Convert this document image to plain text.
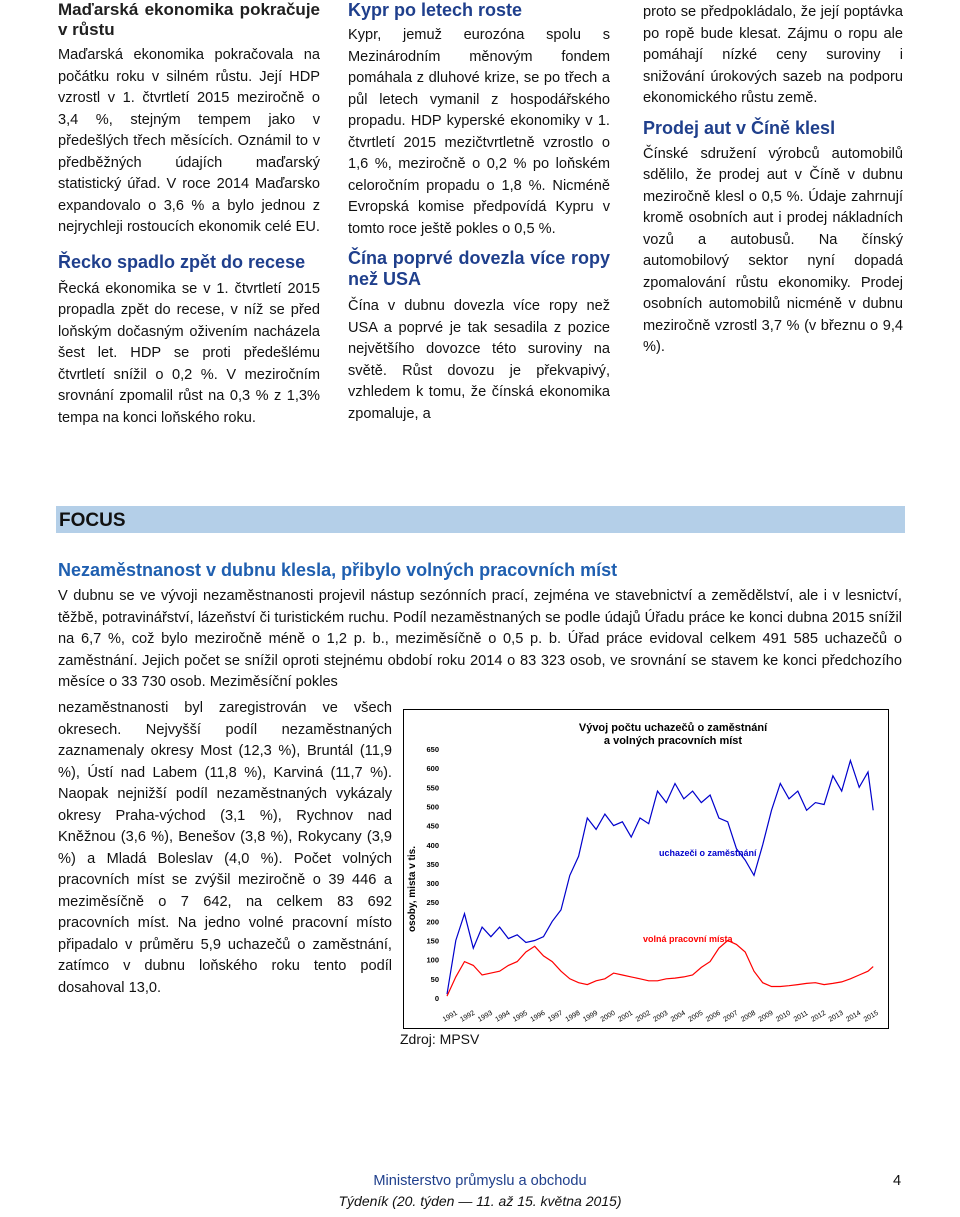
Maďarská ekonomika pokračuje v růstu

Maďarská ekonomika pokračovala na počátku roku v silném růstu. Její HDP vzrostl v 1. čtvrtletí 2015 meziročně o 3,4 %, stejným tempem jako v předešlých třech měsících. Oznámil to v předběžných údajích maďarský statistický úřad. V roce 2014 Maďarsko expandovalo o 3,6 % a bylo jednou z nejrychleji rostoucích ekonomik celé EU.

Řecko spadlo zpět do recese

Řecká ekonomika se v 1. čtvrtletí 2015 propadla zpět do recese, v níž se před loňským dočasným oživením nacházela šest let. HDP se proti předešlému čtvrtletí snížil o 0,2 %. V meziročním srovnání zpomalil růst na 0,3 % z 1,3% tempa na konci loňského roku.

Kypr po letech roste

Kypr, jemuž eurozóna spolu s Mezinárodním měnovým fondem pomáhala z dluhové krize, se po třech a půl letech vymanil z hospodářského propadu. HDP kyperské ekonomiky v 1. čtvrtletí 2015 mezičtvrtletně vzrostlo o 1,6 %, meziročně o 0,2 % po loňském celoročním propadu o 1,8 %. Nicméně Evropská komise předpovídá Kypru v tomto roce ještě pokles o 0,5 %.

Čína poprvé dovezla více ropy než USA

Čína v dubnu dovezla více ropy než USA a poprvé je tak sesadila z pozice největšího dovozce této suroviny na světě. Růst dovozu je překvapivý, vzhledem k tomu, že čínská ekonomika zpomaluje, a

proto se předpokládalo, že její poptávka po ropě bude klesat. Zájmu o ropu ale pomáhají nízké ceny suroviny i snižování úrokových sazeb na podporu ekonomického růstu země.

Prodej aut v Číně klesl

Čínské sdružení výrobců automobilů sdělilo, že prodej aut v Číně v dubnu meziročně klesl o 0,5 %. Údaje zahrnují kromě osobních aut i prodej nákladních vozů a autobusů. Na čínský automobilový sektor nyní dopadá zpomalování růstu ekonomiky. Prodej osobních automobilů nicméně v dubnu meziročně vzrostl 3,7 % (v březnu o 9,4 %).

FOCUS
Nezaměstnanost v dubnu klesla, přibylo volných pracovních míst
V dubnu se ve vývoji nezaměstnanosti projevil nástup sezónních prací, zejména ve stavebnictví a zemědělství, ale i v lesnictví, těžbě, potravinářství, lázeňství či turistickém ruchu. Podíl nezaměstnaných se podle údajů Úřadu práce ke konci dubna 2015 snížil na 6,7 %, což bylo meziročně méně o 1,2 p. b., meziměsíčně o 0,5 p. b. Úřad práce evidoval celkem 491 585 uchazečů o zaměstnání. Jejich počet se snížil oproti stejnému období roku 2014 o 83 323 osob, ve srovnání se stavem ke konci předchozího měsíce o 33 730 osob. Meziměsíční pokles

nezaměstnanosti byl zaregistrován ve všech okresech. Nejvyšší podíl nezaměstnaných zaznamenaly okresy Most (12,3 %), Bruntál (11,9 %), Ústí nad Labem (11,8 %), Karviná (11,7 %). Naopak nejnižší podíl nezaměstnaných vykázaly okresy Praha-východ (3,1 %), Rychnov nad Kněžnou (3,6 %), Benešov (3,8 %), Rokycany (3,9 %) a Mladá Boleslav (4,0 %). Počet volných pracovních míst se zvýšil meziročně o 39 446 a meziměsíčně o 7 642, na celkem 83 692 pracovních míst. Na jedno volné pracovní místo připadalo v průměru 5,9 uchazečů o zaměstnání, zatímco v dubnu loňského roku tento podíl dosahoval 13,0.

Vývoj počtu uchazečů o zaměstnání
a volných pracovních míst
osoby, mista v tis.
0
50
100
150
200
250
300
350
400
450
500
550
600
650
1991 1992 1993 1994 1995 1996 1997 1998 1999 2000 2001 2002 2003 2004 2005 2006 2007 2008 2009 2010 2011 2012 2013 2014 2015
uchazeči o zaměstnání
volná pracovní místa
Zdroj: MPSV
Ministerstvo průmyslu a obchodu	4
Týdeník (20. týden — 11. až 15. května 2015)
